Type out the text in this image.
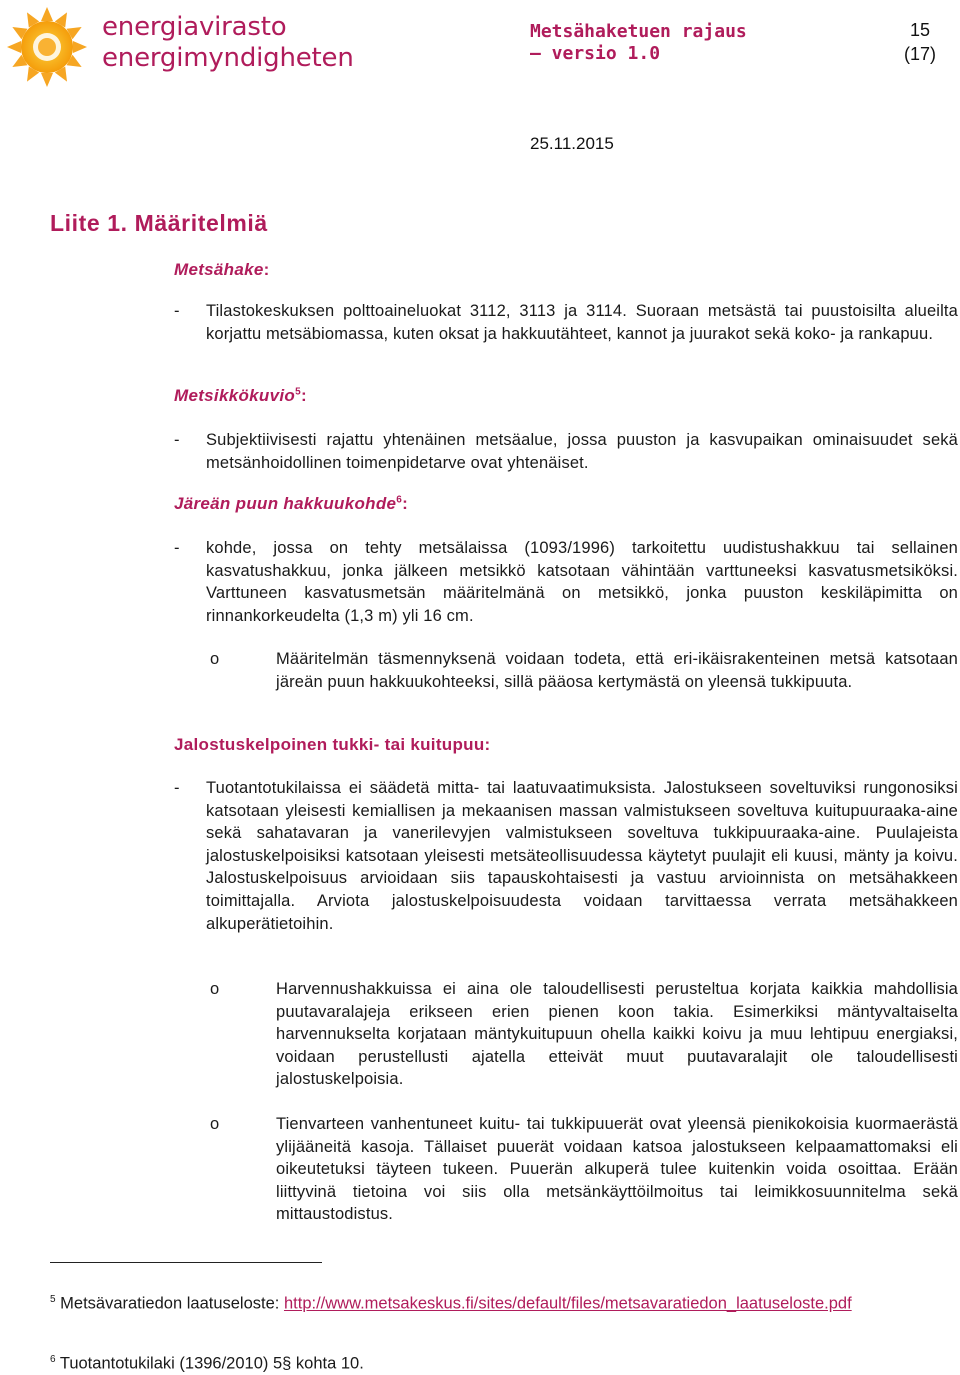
energiavirasto
energimyndigheten
Metsähaketuen rajaus
– versio 1.0
15
(17)
25.11.2015
Liite 1. Määritelmiä
Metsähake:
- Tilastokeskuksen polttoaineluokat 3112, 3113 ja 3114. Suoraan metsästä tai puustoisilta alueilta korjattu metsäbiomassa, kuten oksat ja hakkuutähteet, kannot ja juurakot sekä koko- ja rankapuu.
Metsikkökuvio$^5$:
- Subjektiivisesti rajattu yhtenäinen metsäalue, jossa puuston ja kasvupaikan ominaisuudet sekä metsänhoidollinen toimenpidetarve ovat yhtenäiset.
Järeän puun hakkuukohde$^6$:
- kohde, jossa on tehty metsälaissa (1093/1996) tarkoitettu uudistushakkuu tai sellainen kasvatushakkuu, jonka jälkeen metsikkö katsotaan vähintään varttuneeksi kasvatusmetsiköksi. Varttuneen kasvatusmetsän määritelmänä on metsikkö, jonka puuston keskiläpimitta on rinnankorkeudelta (1,3 m) yli 16 cm.
o	Määritelmän täsmennyksenä voidaan todeta, että eri-ikäisrakenteinen metsä katsotaan järeän puun hakkuukohteeksi, sillä pääosa kertymästä on yleensä tukkipuuta.
Jalostuskelpoinen tukki- tai kuitupuu:
- Tuotantotukilaissa ei säädetä mitta- tai laatuvaatimuksista. Jalostukseen soveltuviksi rungonosiksi katsotaan yleisesti kemiallisen ja mekaanisen massan valmistukseen soveltuva kuitupuuraaka-aine sekä sahatavaran ja vanerilevyjen valmistukseen soveltuva tukkipuuraaka-aine. Puulajeista jalostuskelpoisiksi katsotaan yleisesti metsäteollisuudessa käytetyt puulajit eli kuusi, mänty ja koivu. Jalostuskelpoisuus arvioidaan siis tapauskohtaisesti ja vastuu arvioinnista on metsähakkeen toimittajalla. Arviota jalostuskelpoisuudesta voidaan tarvittaessa verrata metsähakkeen alkuperätietoihin.
o	Harvennushakkuissa ei aina ole taloudellisesti perusteltua korjata kaikkia mahdollisia puutavaralajeja erikseen erien pienen koon takia. Esimerkiksi mäntyvaltaiselta harvennukselta korjataan mäntykuitupuun ohella kaikki koivu ja muu lehtipuu energiaksi, voidaan perustellusti ajatella etteivät muut puutavaralajit ole taloudellisesti jalostuskelpoisia.
o	Tienvarteen vanhentuneet kuitu- tai tukkipuuerät ovat yleensä pienikokoisia kuormaerästä ylijääneitä kasoja. Tällaiset puuerät voidaan katsoa jalostukseen kelpaamattomaksi eli oikeutetuksi täyteen tukeen. Puuerän alkuperä tulee kuitenkin voida osoittaa. Erään liittyvinä tietoina voi siis olla metsänkäyttöilmoitus tai leimikkosuunnitelma sekä mittaustodistus.
$^5$ Metsävaratiedon laatuseloste: http://www.metsakeskus.fi/sites/default/files/metsavaratiedon_laatuseloste.pdf
$^6$ Tuotantotukilaki (1396/2010) 5§ kohta 10.
